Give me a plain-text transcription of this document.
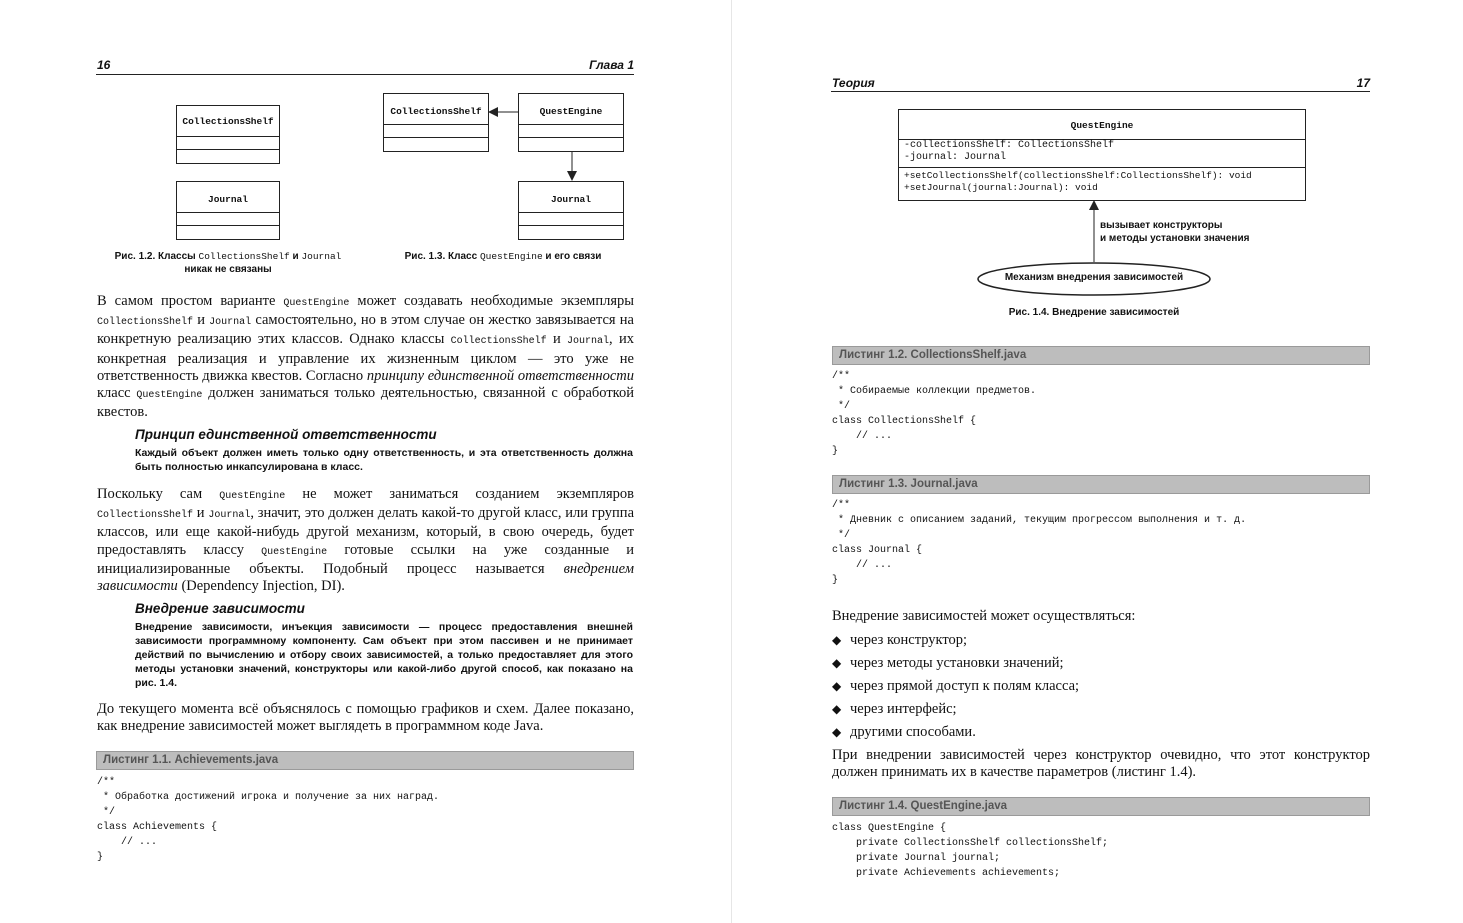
16	Глава 1
CollectionsShelf
Journal
Рис. 1.2. Классы CollectionsShelf и Journal
никак не связаны
CollectionsShelf	QuestEngine
Journal
Рис. 1.3. Класс QuestEngine и его связи
В самом простом варианте QuestEngine может создавать необходимые экземпляры CollectionsShelf и Journal самостоятельно, но в этом случае он жестко завязывается на конкретную реализацию этих классов. Однако классы CollectionsShelf и Journal, их конкретная реализация и управление их жизненным циклом — это уже не ответственность движка квестов. Согласно принципу единственной ответственности класс QuestEngine должен заниматься только деятельностью, связанной с обработкой квестов.
Принцип единственной ответственности
Каждый объект должен иметь только одну ответственность, и эта ответственность должна быть полностью инкапсулирована в класс.
Поскольку сам QuestEngine не может заниматься созданием экземпляров CollectionsShelf и Journal, значит, это должен делать какой-то другой класс, или группа классов, или еще какой-нибудь другой механизм, который, в свою очередь, будет предоставлять классу QuestEngine готовые ссылки на уже созданные и инициализированные объекты. Подобный процесс называется внедрением зависимости (Dependency Injection, DI).
Внедрение зависимости
Внедрение зависимости, инъекция зависимости — процесс предоставления внешней зависимости программному компоненту. Сам объект при этом пассивен и не принимает действий по вычислению и отбору своих зависимостей, а только предоставляет для этого методы установки значений, конструкторы или какой-либо другой способ, как показано на рис. 1.4.
До текущего момента всё объяснялось с помощью графиков и схем. Далее показано, как внедрение зависимостей может выглядеть в программном коде Java.
Листинг 1.1. Achievements.java
/**
* Обработка достижений игрока и получение за них наград.
*/
class Achievements {
// ...
}
Теория	17
QuestEngine
-collectionsShelf: CollectionsShelf
-journal: Journal
+setCollectionsShelf(collectionsShelf:CollectionsShelf): void
+setJournal(journal:Journal): void
вызывает конструкторы
и методы установки значения
Механизм внедрения зависимостей
Рис. 1.4. Внедрение зависимостей
Листинг 1.2. CollectionsShelf.java
/**
* Собираемые коллекции предметов.
*/
class CollectionsShelf {
// ...
}
Листинг 1.3. Journal.java
/**
* Дневник с описанием заданий, текущим прогрессом выполнения и т. д.
*/
class Journal {
// ...
}
Внедрение зависимостей может осуществляться:
◆ через конструктор;
◆ через методы установки значений;
◆ через прямой доступ к полям класса;
◆ через интерфейс;
◆ другими способами.
При внедрении зависимостей через конструктор очевидно, что этот конструктор должен принимать их в качестве параметров (листинг 1.4).
Листинг 1.4. QuestEngine.java
class QuestEngine {
private CollectionsShelf collectionsShelf;
private Journal journal;
private Achievements achievements;
